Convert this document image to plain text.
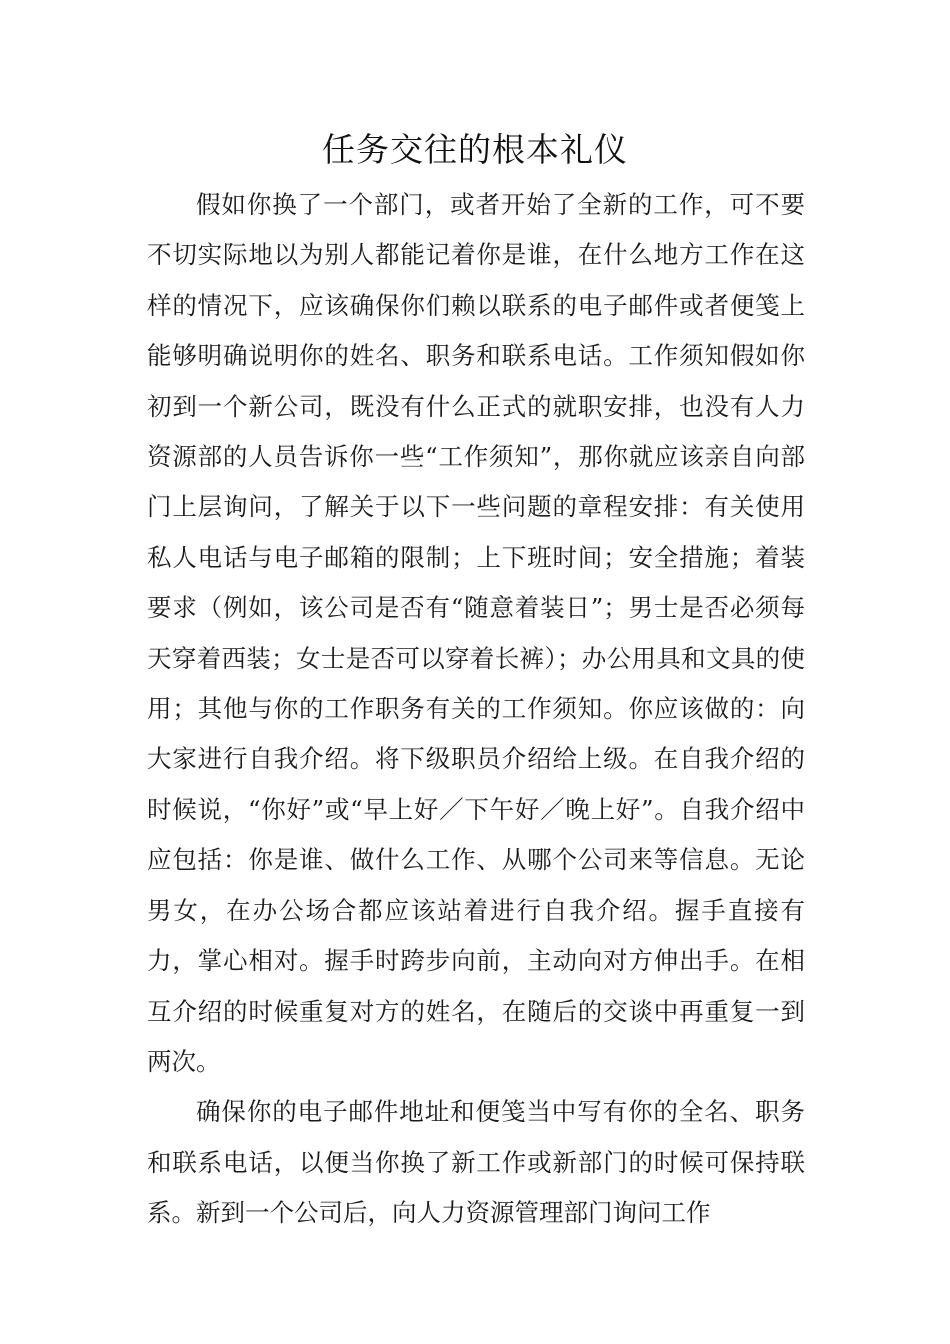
任务交往的根本礼仪

假如你换了一个部门，或者开始了全新的工作，可不要不切实际地以为别人都能记着你是谁，在什么地方工作在这样的情况下，应该确保你们赖以联系的电子邮件或者便笺上能够明确说明你的姓名、职务和联系电话。工作须知假如你初到一个新公司，既没有什么正式的就职安排，也没有人力资源部的人员告诉你一些“工作须知”，那你就应该亲自向部门上层询问，了解关于以下一些问题的章程安排：有关使用私人电话与电子邮箱的限制；上下班时间；安全措施；着装要求（例如，该公司是否有“随意着装日”；男士是否必须每天穿着西装；女士是否可以穿着长裤）；办公用具和文具的使用；其他与你的工作职务有关的工作须知。你应该做的：向大家进行自我介绍。将下级职员介绍给上级。在自我介绍的时候说，“你好”或“早上好／下午好／晚上好”。自我介绍中应包括：你是谁、做什么工作、从哪个公司来等信息。无论男女，在办公场合都应该站着进行自我介绍。握手直接有力，掌心相对。握手时跨步向前，主动向对方伸出手。在相互介绍的时候重复对方的姓名，在随后的交谈中再重复一到两次。

确保你的电子邮件地址和便笺当中写有你的全名、职务和联系电话，以便当你换了新工作或新部门的时候可保持联系。新到一个公司后，向人力资源管理部门询问工作
